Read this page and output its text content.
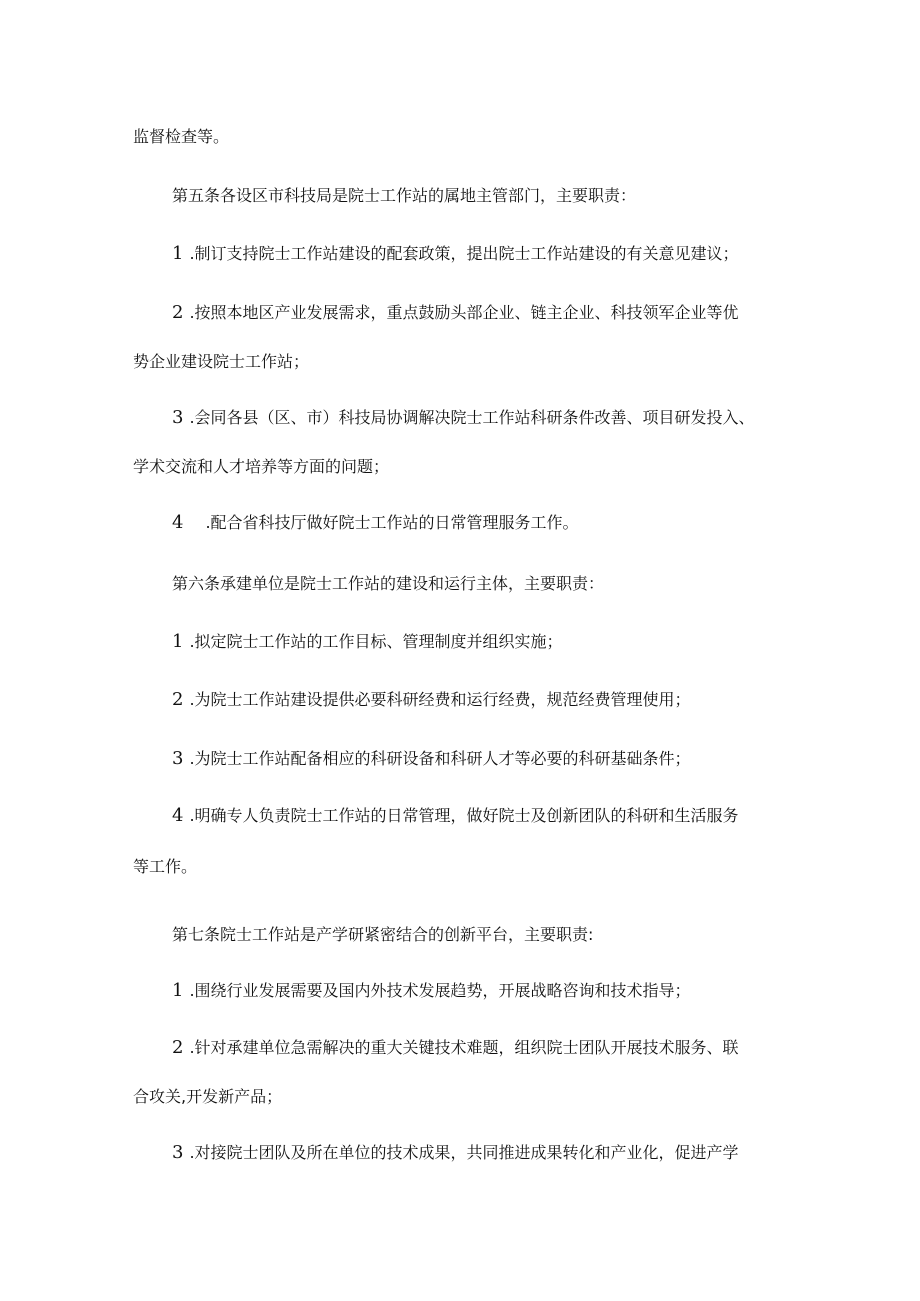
监督检查等。
第五条各设区市科技局是院士工作站的属地主管部门，主要职责：
1 .制订支持院士工作站建设的配套政策，提出院士工作站建设的有关意见建议；
2 .按照本地区产业发展需求，重点鼓励头部企业、链主企业、科技领军企业等优
势企业建设院士工作站；
3 .会同各县（区、市）科技局协调解决院士工作站科研条件改善、项目研发投入、
学术交流和人才培养等方面的问题；
4 .配合省科技厅做好院士工作站的日常管理服务工作。
第六条承建单位是院士工作站的建设和运行主体，主要职责：
1 .拟定院士工作站的工作目标、管理制度并组织实施；
2 .为院士工作站建设提供必要科研经费和运行经费，规范经费管理使用；
3 .为院士工作站配备相应的科研设备和科研人才等必要的科研基础条件；
4 .明确专人负责院士工作站的日常管理，做好院士及创新团队的科研和生活服务
等工作。
第七条院士工作站是产学研紧密结合的创新平台，主要职责:
1 .围绕行业发展需要及国内外技术发展趋势，开展战略咨询和技术指导；
2 .针对承建单位急需解决的重大关键技术难题，组织院士团队开展技术服务、联
合攻关,开发新产品；
3 .对接院士团队及所在单位的技术成果，共同推进成果转化和产业化，促进产学
